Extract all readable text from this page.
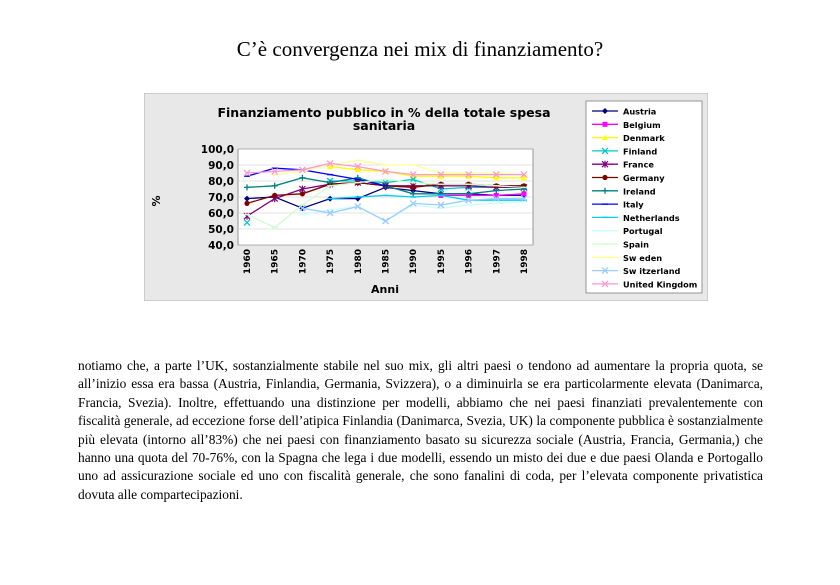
C’è convergenza nei mix di finanziamento?
Finanziamento pubblico in % della totale spesa
sanitaria
%
Anni
40,0
50,0
60,0
70,0
80,0
90,0
100,0
1960 1965 1970 1975 1980 1985 1990 1995 1996 1997 1998
Austria
Belgium
Denmark
Finland
France
Germany
Ireland
Italy
Netherlands
Portugal
Spain
Sw eden
Sw itzerland
United Kingdom
notiamo che, a parte l’UK, sostanzialmente stabile nel suo mix, gli altri paesi o tendono ad aumentare la propria quota, se all’inizio essa era bassa (Austria, Finlandia, Germania, Svizzera), o a diminuirla se era particolarmente elevata (Danimarca, Francia, Svezia). Inoltre, effettuando una distinzione per modelli, abbiamo che nei paesi finanziati prevalentemente con fiscalità generale, ad eccezione forse dell’atipica Finlandia (Danimarca, Svezia, UK) la componente pubblica è sostanzialmente più elevata (intorno all’83%) che nei paesi con finanziamento basato su sicurezza sociale (Austria, Francia, Germania,) che hanno una quota del 70-76%, con la Spagna che lega i due modelli, essendo un misto dei due e due paesi Olanda e Portogallo uno ad assicurazione sociale ed uno con fiscalità generale, che sono fanalini di coda, per l’elevata componente privatistica dovuta alle compartecipazioni.
